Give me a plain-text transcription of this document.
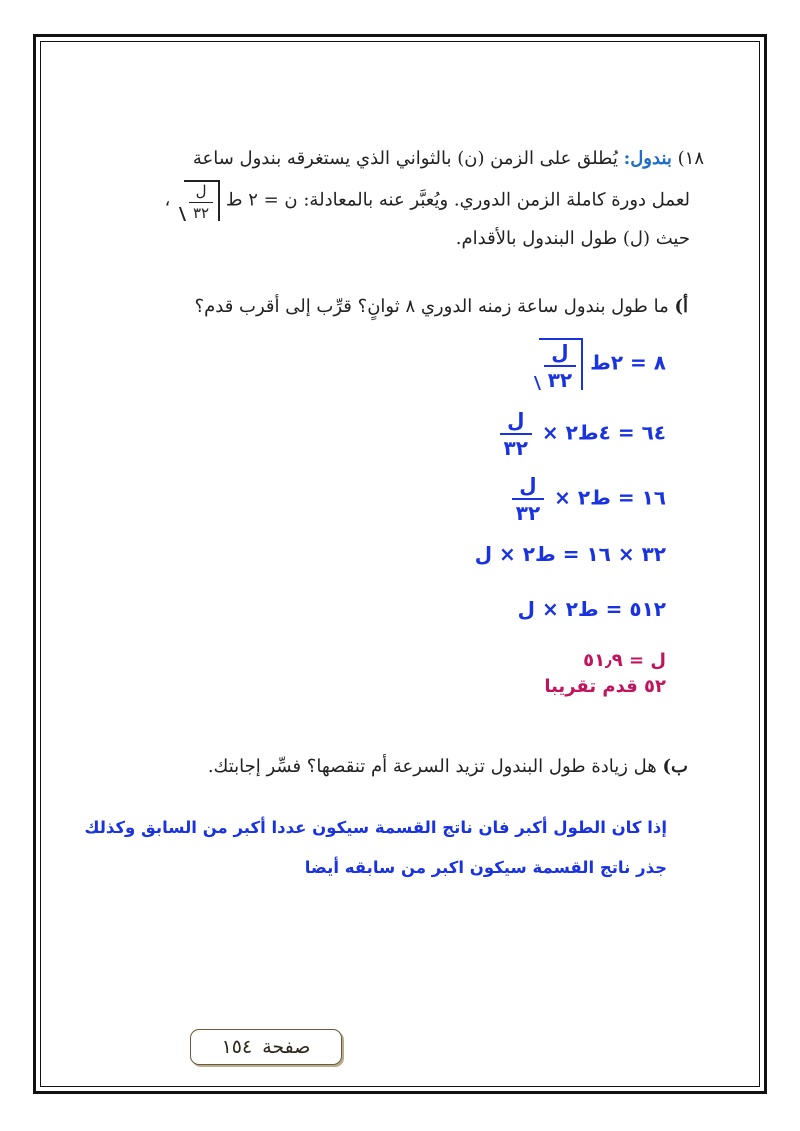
١٨) بندول: يُطلق على الزمن (ن) بالثواني الذي يستغرقه بندول ساعة
لعمل دورة كاملة الزمن الدوري. ويُعبَّر عنه بالمعادلة: ن = ٢ ط
$\frac{\text{ل}}{٣٢}$
،
حيث (ل) طول البندول بالأقدام.
أ) ما طول بندول ساعة زمنه الدوري ٨ ثوانٍ؟ قرِّب إلى أقرب قدم؟
٨ = ٢ط
$\frac{\text{ل}}{٣٢}$
٦٤ = ٤ط٢ ×
$\frac{\text{ل}}{٣٢}$
١٦ = ط٢ ×
$\frac{\text{ل}}{٣٢}$
٣٢ × ١٦ = ط٢ × ل
٥١٢ = ط٢ × ل
ل = ٥١٫٩
٥٢ قدم تقريبا
ب) هل زيادة طول البندول تزيد السرعة أم تنقصها؟ فسِّر إجابتك.
إذا كان الطول أكبر فان ناتج القسمة سيكون عددا أكبر من السابق وكذلك
جذر ناتج القسمة سيكون اكبر من سابقه أيضا
صفحة
١٥٤
